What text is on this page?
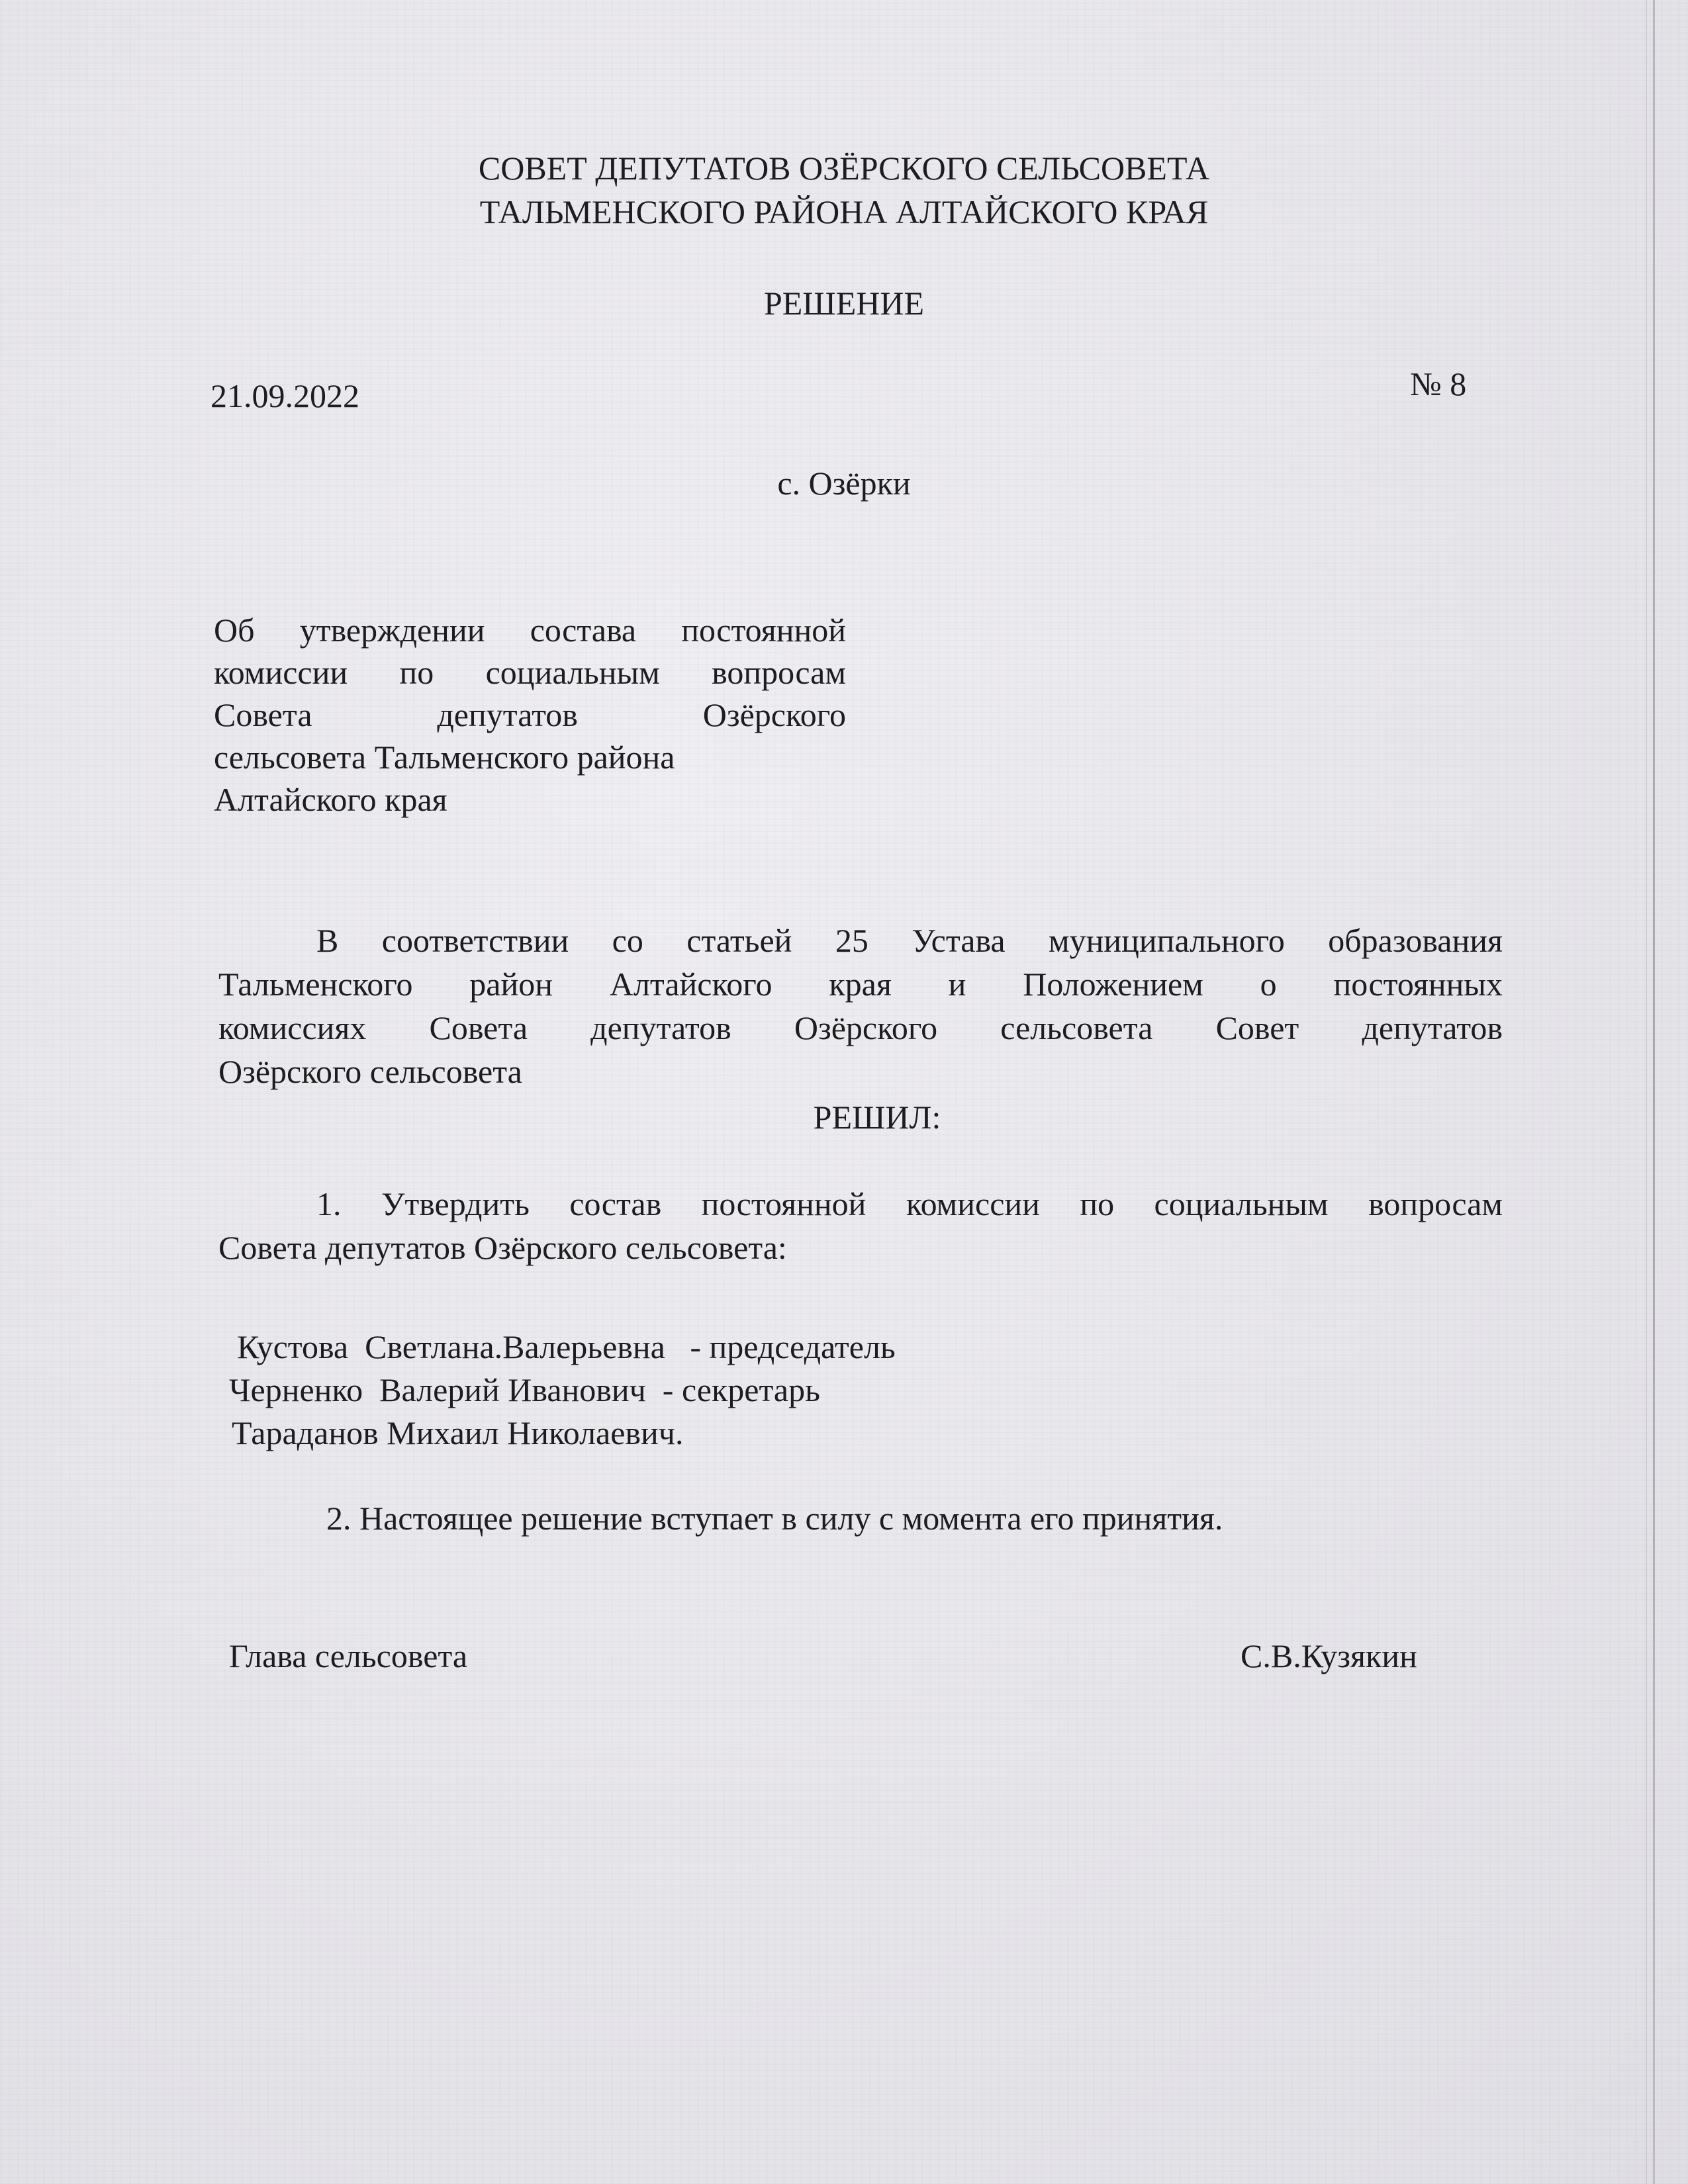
СОВЕТ ДЕПУТАТОВ ОЗЁРСКОГО СЕЛЬСОВЕТА

ТАЛЬМЕНСКОГО РАЙОНА АЛТАЙСКОГО КРАЯ

РЕШЕНИЕ

21.09.2022	№ 8

с. Озёрки

Об утверждении состава постоянной
комиссии по социальным вопросам
Совета депутатов Озёрского
сельсовета Тальменского района
Алтайского края
В соответствии со статьей 25 Устава муниципального образования
Тальменского район Алтайского края и Положением о постоянных
комиссиях Совета депутатов Озёрского сельсовета Совет депутатов
Озёрского сельсовета

РЕШИЛ:

1. Утвердить состав постоянной комиссии по социальным вопросам
Совета депутатов Озёрского сельсовета:

Кустова  Светлана.Валерьевна   - председатель

Черненко  Валерий Иванович  - секретарь

Тараданов Михаил Николаевич.

2. Настоящее решение вступает в силу с момента его принятия.

Глава сельсовета	С.В.Кузякин
